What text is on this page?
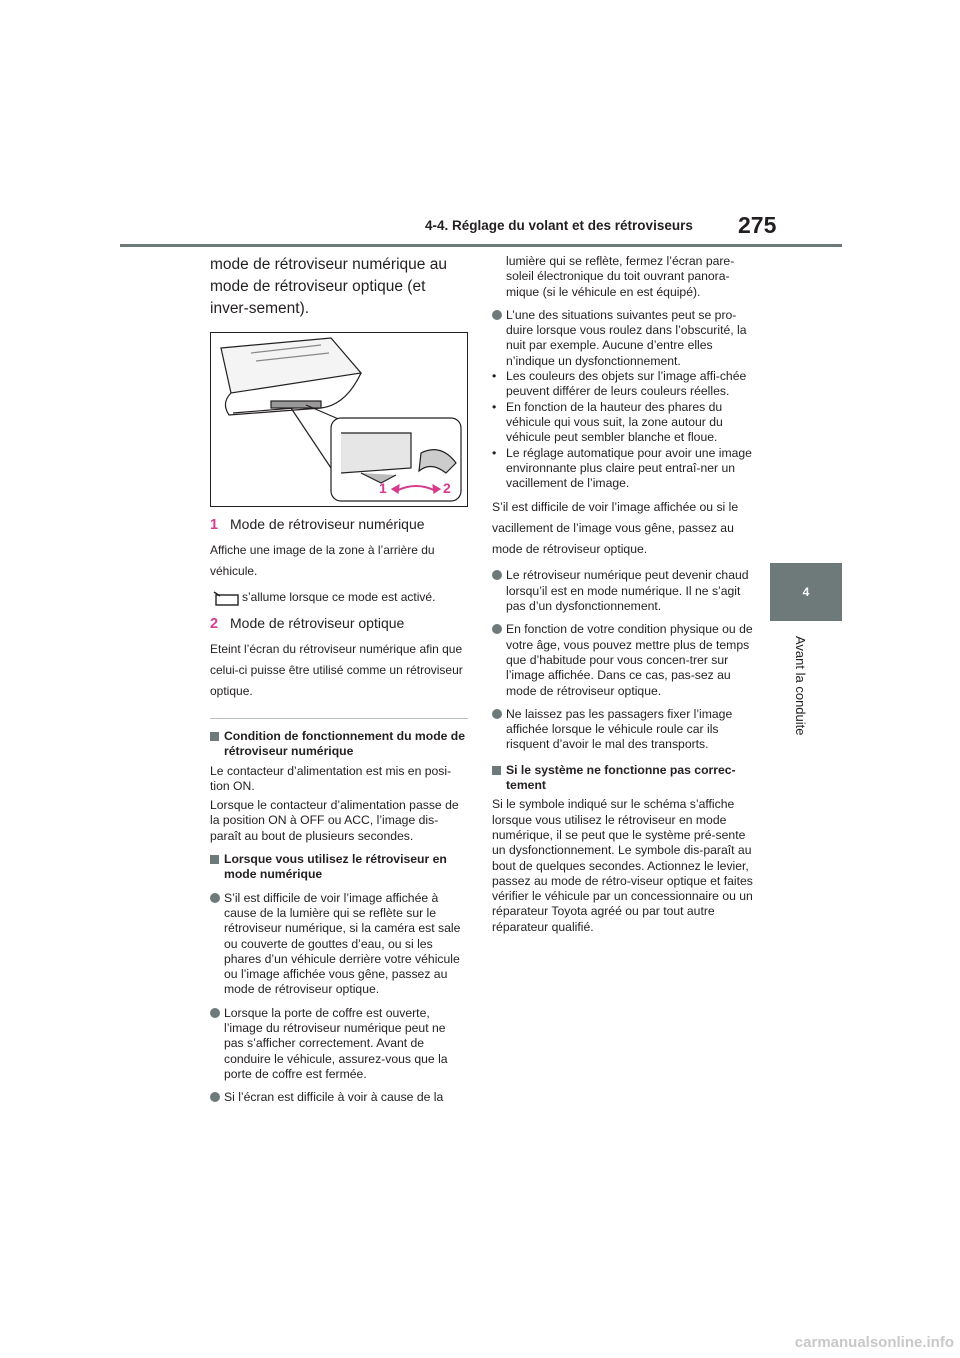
4-4. Réglage du volant et des rétroviseurs	275
4
Avant la conduite

mode de rétroviseur numérique au mode de rétroviseur optique (et inver-sement).

1	2
1 Mode de rétroviseur numérique

Affiche une image de la zone à l’arrière du véhicule.

s’allume lorsque ce mode est activé.
2 Mode de rétroviseur optique

Eteint l’écran du rétroviseur numérique afin que celui-ci puisse être utilisé comme un rétroviseur optique.

Condition de fonctionnement du mode de rétroviseur numérique

Le contacteur d’alimentation est mis en posi-tion ON.

Lorsque le contacteur d’alimentation passe de la position ON à OFF ou ACC, l’image dis-paraît au bout de plusieurs secondes.

Lorsque vous utilisez le rétroviseur en mode numérique
S’il est difficile de voir l’image affichée à cause de la lumière qui se reflète sur le rétroviseur numérique, si la caméra est sale ou couverte de gouttes d’eau, ou si les phares d’un véhicule derrière votre véhicule ou l’image affichée vous gêne, passez au mode de rétroviseur optique.
Lorsque la porte de coffre est ouverte, l’image du rétroviseur numérique peut ne pas s’afficher correctement. Avant de conduire le véhicule, assurez-vous que la porte de coffre est fermée.
Si l’écran est difficile à voir à cause de la
lumière qui se reflète, fermez l’écran pare-soleil électronique du toit ouvrant panora-mique (si le véhicule en est équipé).
L’une des situations suivantes peut se pro-duire lorsque vous roulez dans l’obscurité, la nuit par exemple. Aucune d’entre elles n’indique un dysfonctionnement.
• Les couleurs des objets sur l’image affi-chée peuvent différer de leurs couleurs réelles.
• En fonction de la hauteur des phares du véhicule qui vous suit, la zone autour du véhicule peut sembler blanche et floue.
• Le réglage automatique pour avoir une image environnante plus claire peut entraî-ner un vacillement de l’image.

S’il est difficile de voir l’image affichée ou si le vacillement de l’image vous gêne, passez au mode de rétroviseur optique.

Le rétroviseur numérique peut devenir chaud lorsqu’il est en mode numérique. Il ne s’agit pas d’un dysfonctionnement.
En fonction de votre condition physique ou de votre âge, vous pouvez mettre plus de temps que d’habitude pour vous concen-trer sur l’image affichée. Dans ce cas, pas-sez au mode de rétroviseur optique.
Ne laissez pas les passagers fixer l’image affichée lorsque le véhicule roule car ils risquent d’avoir le mal des transports.
Si le système ne fonctionne pas correc-tement

Si le symbole indiqué sur le schéma s’affiche lorsque vous utilisez le rétroviseur en mode numérique, il se peut que le système pré-sente un dysfonctionnement. Le symbole dis-paraît au bout de quelques secondes. Actionnez le levier, passez au mode de rétro-viseur optique et faites vérifier le véhicule par un concessionnaire ou un réparateur Toyota agréé ou par tout autre réparateur qualifié.

carmanualsonline.info
